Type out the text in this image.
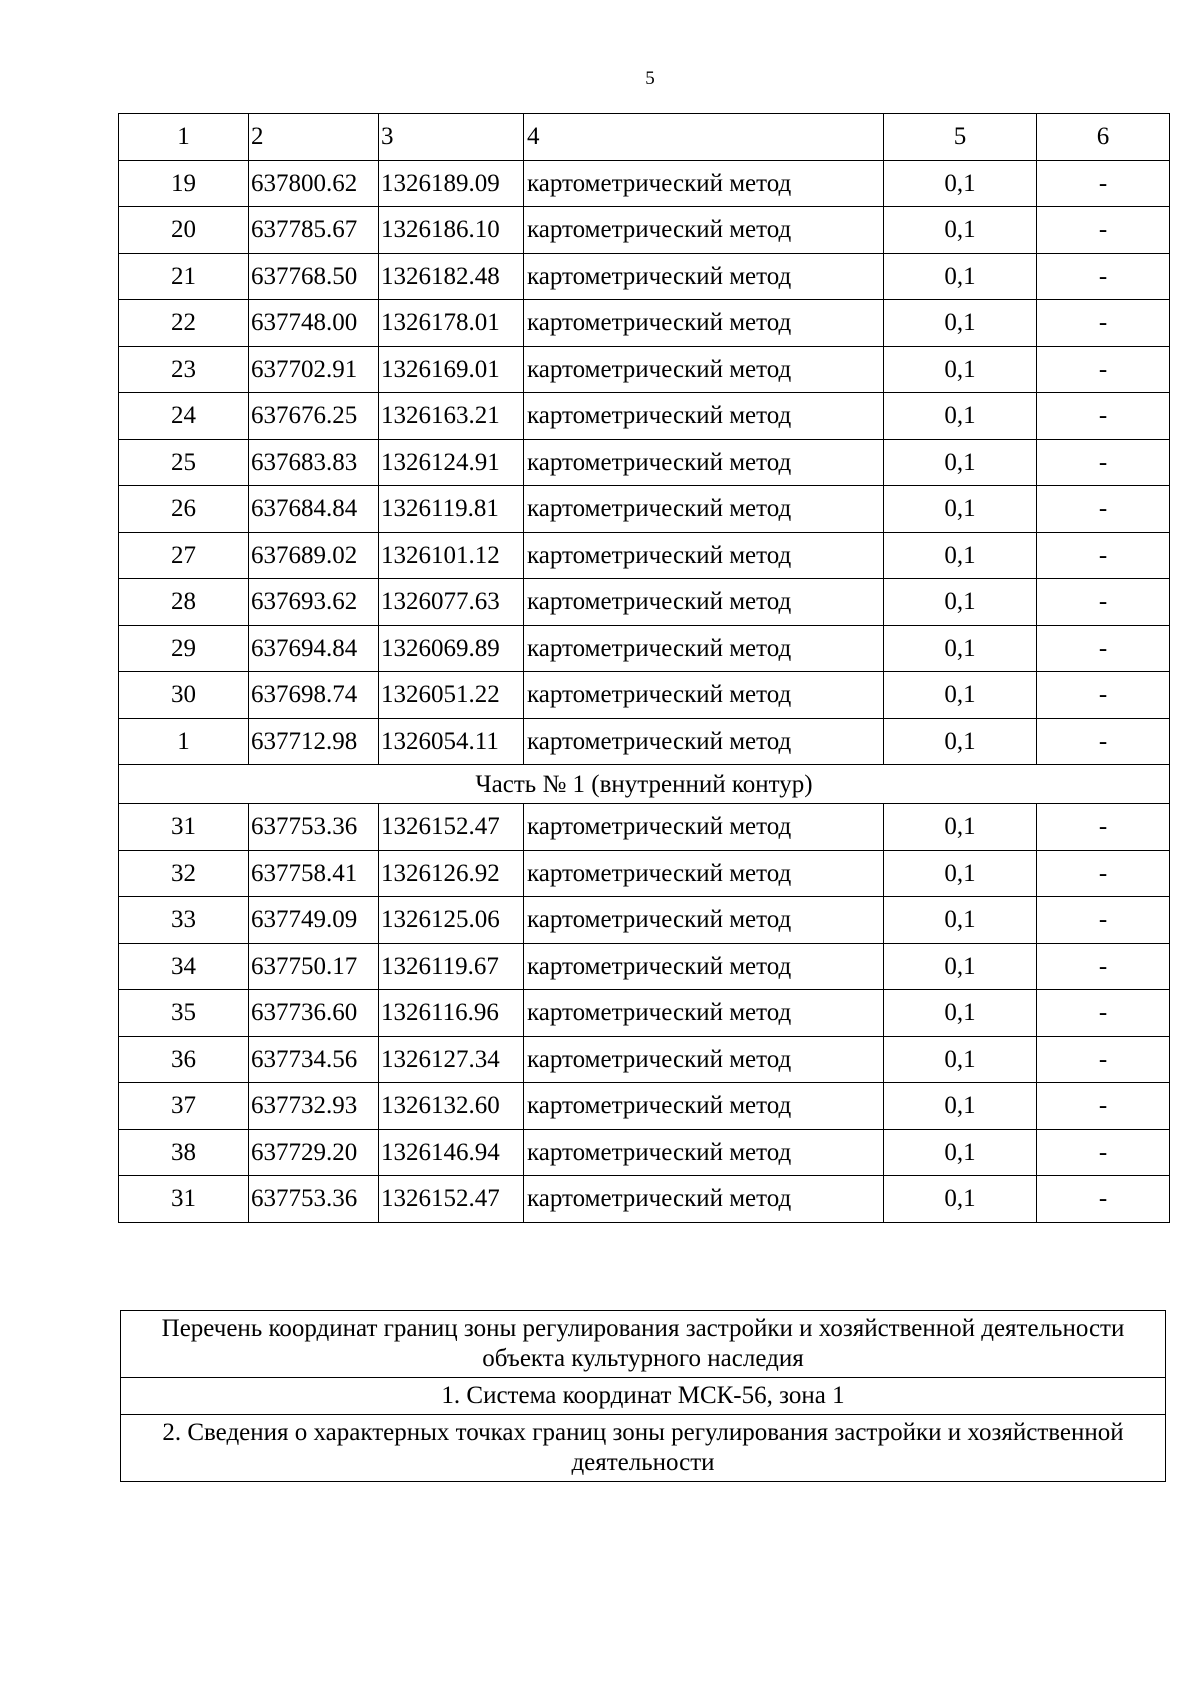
5
1	2	3	4	5	6
19	637800.62	1326189.09	картометрический метод	0,1	-
20	637785.67	1326186.10	картометрический метод	0,1	-
21	637768.50	1326182.48	картометрический метод	0,1	-
22	637748.00	1326178.01	картометрический метод	0,1	-
23	637702.91	1326169.01	картометрический метод	0,1	-
24	637676.25	1326163.21	картометрический метод	0,1	-
25	637683.83	1326124.91	картометрический метод	0,1	-
26	637684.84	1326119.81	картометрический метод	0,1	-
27	637689.02	1326101.12	картометрический метод	0,1	-
28	637693.62	1326077.63	картометрический метод	0,1	-
29	637694.84	1326069.89	картометрический метод	0,1	-
30	637698.74	1326051.22	картометрический метод	0,1	-
1	637712.98	1326054.11	картометрический метод	0,1	-
Часть № 1 (внутренний контур)					
31	637753.36	1326152.47	картометрический метод	0,1	-
32	637758.41	1326126.92	картометрический метод	0,1	-
33	637749.09	1326125.06	картометрический метод	0,1	-
34	637750.17	1326119.67	картометрический метод	0,1	-
35	637736.60	1326116.96	картометрический метод	0,1	-
36	637734.56	1326127.34	картометрический метод	0,1	-
37	637732.93	1326132.60	картометрический метод	0,1	-
38	637729.20	1326146.94	картометрический метод	0,1	-
31	637753.36	1326152.47	картометрический метод	0,1	-
Перечень координат границ зоны регулирования застройки и хозяйственной деятельности объекта культурного наследия
1. Система координат МСК-56, зона 1
2. Сведения о характерных точках границ зоны регулирования застройки и хозяйственной деятельности
